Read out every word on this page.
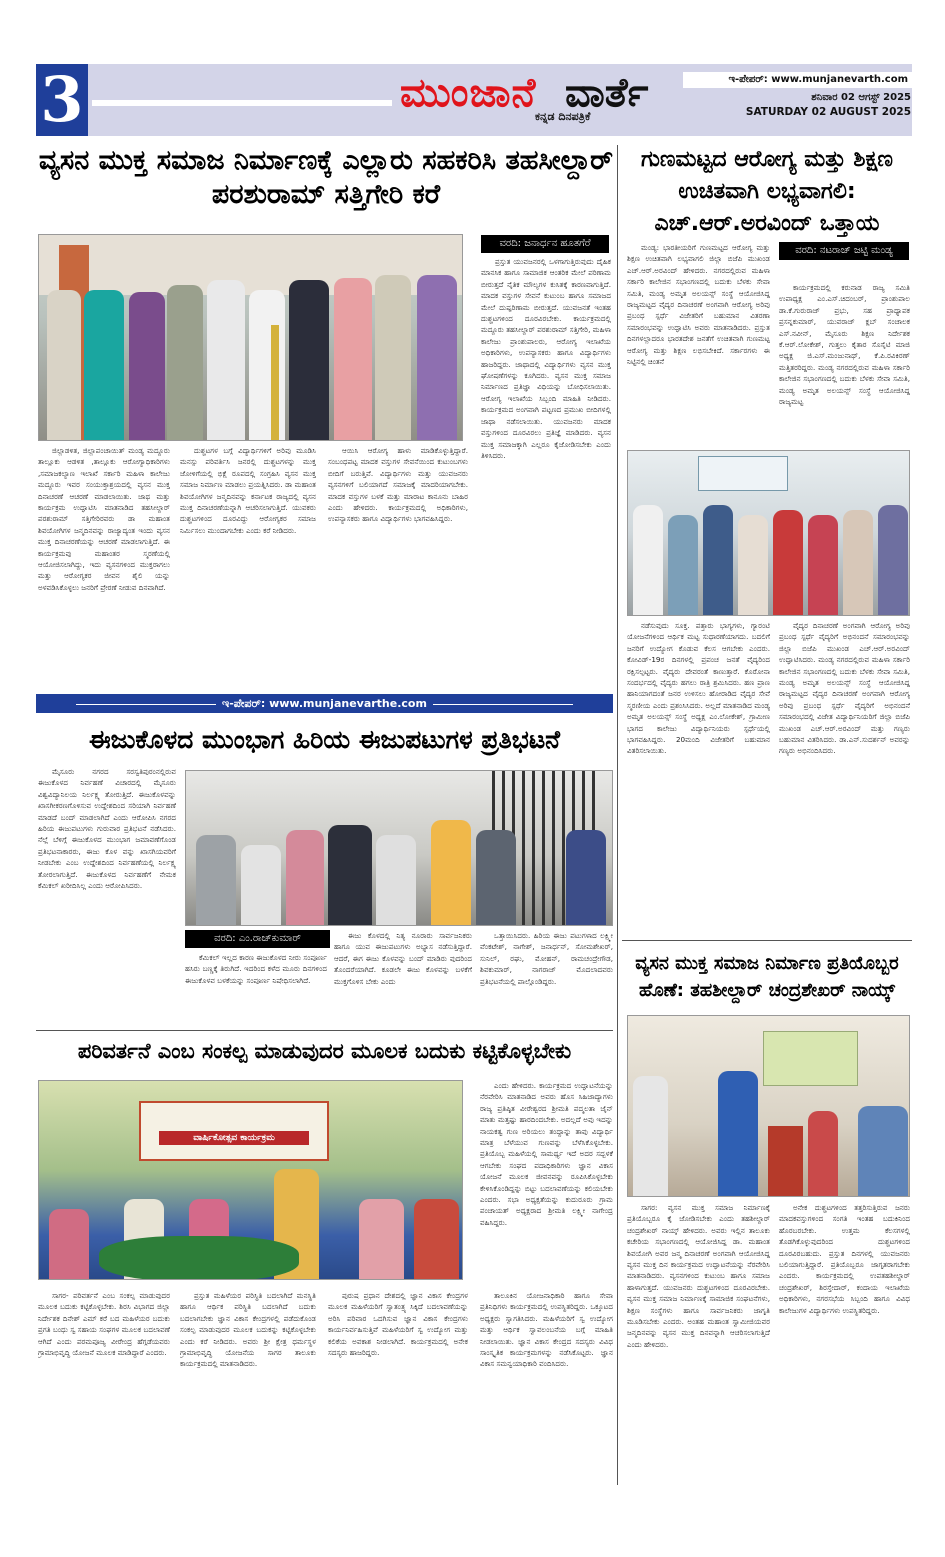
3	ಮುಂಜಾನೆ ವಾರ್ತೆ
ಕನ್ನಡ ದಿನಪತ್ರಿಕೆ
ಇ-ಪೇಪರ್: www.munjanevarth.com
ಶನಿವಾರ 02 ಆಗಸ್ಟ್ 2025
SATURDAY 02 AUGUST 2025
ವ್ಯಸನ ಮುಕ್ತ ಸಮಾಜ ನಿರ್ಮಾಣಕ್ಕೆ ಎಲ್ಲಾರು ಸಹಕರಿಸಿ ತಹಸೀಲ್ದಾರ್ ಪರಶುರಾಮ್ ಸತ್ತಿಗೇರಿ ಕರೆ
ವರದಿ: ಜನಾರ್ಧನ ಹೂತಗೆರೆ
ಪ್ರಸ್ತುತ ಯುವಜನರಲ್ಲಿ ಒಳಗಾಗುತ್ತಿರುವುದು ದೈಹಿಕ ಮಾನಸಿಕ ಹಾಗೂ ಸಾಮಾಜಿಕ ಆಂತರಿಕ ಮೇಲೆ ಪರಿಣಾಮ ಬೀರುತ್ತದೆ ನೈತಿಕ ಮೌಲ್ಯಗಳ ಕುಸಿತಕ್ಕೆ ಕಾರಣವಾಗುತ್ತಿದೆ. ಮಾದಕ ವಸ್ತುಗಳ ಸೇವನೆ ಕುಟುಂಬ ಹಾಗೂ ಸಮಾಜದ ಮೇಲೆ ದುಷ್ಪರಿಣಾಮ ಬೀರುತ್ತದೆ. ಯುವಜನತೆ ಇಂತಹ ದುಶ್ಚಟಗಳಿಂದ ದೂರವಿರಬೇಕು. ಕಾರ್ಯಕ್ರಮದಲ್ಲಿ ಮದ್ದೂರು ತಹಸೀಲ್ದಾರ್ ಪರಶುರಾಮ್ ಸತ್ತಿಗೇರಿ, ಮಹಿಳಾ ಕಾಲೇಜು ಪ್ರಾಂಶುಪಾಲರು, ಆರೋಗ್ಯ ಇಲಾಖೆಯ ಅಧಿಕಾರಿಗಳು, ಉಪನ್ಯಾಸಕರು ಹಾಗೂ ವಿದ್ಯಾರ್ಥಿಗಳು ಹಾಜರಿದ್ದರು. ಜಾಥಾದಲ್ಲಿ ವಿದ್ಯಾರ್ಥಿಗಳು ವ್ಯಸನ ಮುಕ್ತ ಘೋಷಣೆಗಳನ್ನು ಕೂಗಿದರು. ವ್ಯಸನ ಮುಕ್ತ ಸಮಾಜ ನಿರ್ಮಾಣದ ಪ್ರತಿಜ್ಞಾ ವಿಧಿಯನ್ನು ಬೋಧಿಸಲಾಯಿತು. ಆರೋಗ್ಯ ಇಲಾಖೆಯ ಸಿಬ್ಬಂದಿ ಮಾಹಿತಿ ನೀಡಿದರು. ಕಾರ್ಯಕ್ರಮದ ಅಂಗವಾಗಿ ಪಟ್ಟಣದ ಪ್ರಮುಖ ಬೀದಿಗಳಲ್ಲಿ ಜಾಥಾ ನಡೆಸಲಾಯಿತು. ಯುವಜನರು ಮಾದಕ ವಸ್ತುಗಳಿಂದ ದೂರವಿರಲು ಪ್ರತಿಜ್ಞೆ ಮಾಡಿದರು. ವ್ಯಸನ ಮುಕ್ತ ಸಮಾಜಕ್ಕಾಗಿ ಎಲ್ಲರೂ ಕೈಜೋಡಿಸಬೇಕು ಎಂದು ತಿಳಿಸಿದರು.
ಜಿಲ್ಲಾಡಳಿತ, ಜಿಲ್ಲಾಪಂಚಾಯಿತ್ ಮಂಡ್ಯ ಮದ್ದೂರು ತಾಲ್ಲೂಕು ಆಡಳಿತ ,ತಾಲ್ಲೂಕು ಆರೋಗ್ಯಾಧಿಕಾರಿಗಳು ,ಸಮಾಜಕಲ್ಯಾಣ ಇಲಾಖೆ ಸರ್ಕಾರಿ ಮಹಿಳಾ ಕಾಲೇಜು ಮದ್ದೂರು ಇವರ ಸಂಯುಕ್ತಾಶ್ರಯದಲ್ಲಿ ವ್ಯಸನ ಮುಕ್ತ ದಿನಾಚರಣೆ ಆಚರಣೆ ಮಾಡಲಾಯಿತು. ಜಾಥ ಮತ್ತು ಕಾರ್ಯಕ್ರಮ ಉದ್ಘಾಟಿಸಿ ಮಾತನಾಡಿದ ತಹಸೀಲ್ದಾರ್ ಪರಶುರಾಮ್ ಸತ್ತಿಗೇರಿರವರು ಡಾ ಮಹಾಂತ ಶಿವಯೋಗಿಗಳ ಜನ್ಮದಿನವನ್ನು ರಾಜ್ಯಾದ್ಯಂತ ಇಂದು ವ್ಯಸನ ಮುಕ್ತ ದಿನಾಚರಣೆಯನ್ನು ಆಚರಣೆ ಮಾಡಲಾಗುತ್ತಿದೆ. ಈ ಕಾರ್ಯಕ್ರಮವು ಮಹಾಂತರ ಸ್ಮರಣೆಯಲ್ಲಿ ಆಯೋಜಿಸಲಾಗಿದ್ದು, ಇದು ವ್ಯಸನಗಳಿಂದ ಮುಕ್ತರಾಗಲು ಮತ್ತು ಆರೋಗ್ಯಕರ ಜೀವನ ಶೈಲಿ ಯನ್ನು ಅಳವಡಿಸಿಕೊಳ್ಳಲು ಜನರಿಗೆ ಪ್ರೇರಣೆ ನೀಡುವ ದಿನವಾಗಿದೆ.
ದುಶ್ಚಟಗಳ ಬಗ್ಗೆ ವಿದ್ಯಾರ್ಥಿಗಳಿಗೆ ಅರಿವು ಮೂಡಿಸಿ ಮನಸ್ಸು ಪರಿವರ್ತಿಸಿ ಜನರಲ್ಲಿ ದುಶ್ಚಟಗಳನ್ನು ಮುಕ್ತ ಜೋಳಿಗೆಯಲ್ಲಿ ಭಿಕ್ಷೆ ರೂಪದಲ್ಲಿ ಸಂಗ್ರಹಿಸಿ ವ್ಯಸನ ಮುಕ್ತ ಸಮಾಜ ನಿರ್ಮಾಣ ಮಾಡಲು ಪ್ರಯತ್ನಿಸಿದರು. ಡಾ ಮಹಾಂತ ಶಿವಯೋಗಿಗಳ ಜನ್ಮದಿನವನ್ನು ಕರ್ನಾಟಕ ರಾಜ್ಯದಲ್ಲಿ ವ್ಯಸನ ಮುಕ್ತ ದಿನಾಚರಣೆಯನ್ನಾಗಿ ಆಚರಿಸಲಾಗುತ್ತಿದೆ. ಯುವಕರು ದುಶ್ಚಟಗಳಿಂದ ದೂರವಿದ್ದು ಆರೋಗ್ಯಕರ ಸಮಾಜ ನಿರ್ಮಿಸಲು ಮುಂದಾಗಬೇಕು ಎಂದು ಕರೆ ನೀಡಿದರು.
ಆಯಿಸಿ ಆರೋಗ್ಯ ಹಾಳು ಮಾಡಿಕೊಳ್ಳುತ್ತಿದ್ದಾರೆ. ಸಂಬಂಧಪಟ್ಟ ಮಾದಕ ವಸ್ತುಗಳ ಸೇವನೆಯಿಂದ ಕುಟುಂಬಗಳು ಬೀದಿಗೆ ಬರುತ್ತಿವೆ. ವಿದ್ಯಾರ್ಥಿಗಳು ಮತ್ತು ಯುವಜನರು ವ್ಯಸನಗಳಿಗೆ ಬಲಿಯಾಗದೆ ಸಮಾಜಕ್ಕೆ ಮಾದರಿಯಾಗಬೇಕು. ಮಾದಕ ವಸ್ತುಗಳ ಬಳಕೆ ಮತ್ತು ಮಾರಾಟ ಕಾನೂನು ಬಾಹಿರ ಎಂದು ಹೇಳಿದರು. ಕಾರ್ಯಕ್ರಮದಲ್ಲಿ ಅಧಿಕಾರಿಗಳು, ಉಪನ್ಯಾಸಕರು ಹಾಗೂ ವಿದ್ಯಾರ್ಥಿಗಳು ಭಾಗವಹಿಸಿದ್ದರು.
ಇ-ಪೇಪರ್: www.munjanevarthe.com
ಈಜುಕೊಳದ ಮುಂಭಾಗ ಹಿರಿಯ ಈಜುಪಟುಗಳ ಪ್ರತಿಭಟನೆ
ಮೈಸೂರು ನಗರದ ಸರಸ್ವತಿಪುರಂನಲ್ಲಿರುವ ಈಜುಕೊಳದ ನಿರ್ವಹಣೆ ವಿಚಾರದಲ್ಲಿ ಮೈಸೂರು ವಿಶ್ವವಿದ್ಯಾನಿಲಯ ನಿರ್ಲಕ್ಷ್ಯ ತೋರುತ್ತಿದೆ. ಈಜುಕೊಳವನ್ನು ಖಾಸಗೀಕರಣಗೊಳಿಸುವ ಉದ್ದೇಶದಿಂದ ಸರಿಯಾಗಿ ನಿರ್ವಹಣೆ ಮಾಡದೆ ಬಂದ್ ಮಾಡಲಾಗಿದೆ ಎಂದು ಆರೋಪಿಸಿ ನಗರದ ಹಿರಿಯ ಈಜುಪಟುಗಳು ಗುರುವಾರ ಪ್ರತಿಭಟನೆ ನಡೆಸಿದರು. ನೆಲ್ಲೆ ಬೆಳಿಗ್ಗೆ ಈಜುಕೊಳದ ಮುಂಭಾಗ ಜಮಾವಣೆಗೊಂಡ ಪ್ರತಿಭಟನಾಕಾರರು, ಈಜು ಕೊಳ ವನ್ನು ಖಾಸಗಿಯವರಿಗೆ ನೀಡಬೇಕು ಎಂಬ ಉದ್ದೇಶದಿಂದ ನಿರ್ವಹಣೆಯಲ್ಲಿ ನಿರ್ಲಕ್ಷ್ಯ ತೋರಲಾಗುತ್ತಿದೆ. ಈಜುಕೊಳದ ನಿರ್ವಹಣೆಗೆ ನೇಮಕ ಕೆಮಿಕಲ್ ಖರೀದಿಸಿಲ್ಲ ಎಂದು ಆರೋಪಿಸಿದರು.
ವರದಿ: ಎಂ.ರಾಜ್‌ಕುಮಾರ್
ಕೆಮಿಕಲ್ ಇಲ್ಲದ ಕಾರಣ ಈಜುಕೊಳದ ನೀರು ಸಂಪೂರ್ಣ ಹಸಿರು ಬಣ್ಣಕ್ಕೆ ತಿರುಗಿದೆ. ಇದರಿಂದ ಕಳೆದ ಮೂರು ದಿನಗಳಿಂದ ಈಜುಕೊಳವ ಬಳಕೆಯನ್ನು ಸಂಪೂರ್ಣ ನಿಷೇಧಿಸಲಾಗಿದೆ.
ಈಜು ಕೊಳದಲ್ಲಿ ನಿತ್ಯ ನೂರಾರು ಸಾರ್ವಜನಿಕರು ಹಾಗೂ ಯುವ ಈಜುಪಟುಗಳು ಅಭ್ಯಾಸ ನಡೆಸುತ್ತಿದ್ದಾರೆ. ಆದರೆ, ಈಗ ಈಜು ಕೊಳವನ್ನು ಬಂದ್ ಮಾಡಿರು ವುದರಿಂದ ತೊಂದರೆಯಾಗಿದೆ. ಕೂಡಲೇ ಈಜು ಕೊಳವನ್ನು ಬಳಕೆಗೆ ಮುಕ್ತಗೊಳಿಸ ಬೇಕು ಎಂದು
ಒತ್ತಾಯಿಸಿದರು. ಹಿರಿಯ ಈಜು ಪಟುಗಳಾದ ಲಕ್ಷ್ಮೀ ವೆಂಕಟೇಶ್, ನಾಗೇಶ್, ಜನಾರ್ಧನ್, ಸೋಮಶೇಖರ್, ಸುನಿಲ್, ರಘು, ಮೋಹನ್, ರಾಮಚಂದ್ರೇಗೌಡ, ಶಿವಕುಮಾರ್, ನಾಗರಾಜ್ ಮೊದಲಾದವರು ಪ್ರತಿಭಟನೆಯಲ್ಲಿ ಪಾಲ್ಗೊಂಡಿದ್ದರು.
ಪರಿವರ್ತನೆ ಎಂಬ ಸಂಕಲ್ಪ ಮಾಡುವುದರ ಮೂಲಕ ಬದುಕು ಕಟ್ಟಿಕೊಳ್ಳಬೇಕು
ವಾರ್ಷಿಕೋತ್ಸವ ಕಾರ್ಯಕ್ರಮ
ಎಂದು ಹೇಳಿದರು. ಕಾರ್ಯಕ್ರಮದ ಉದ್ಘಾಟನೆಯನ್ನು ನೆರವೇರಿಸಿ ಮಾತನಾಡಿದ ಅವರು ಹೊಸ ಸಿಹಿಜಾದ್ಯಾಗಳು ರಾಜ್ಯ ಪ್ರತಿಷ್ಠಿತ ವೀರೇಶ್ವರದ ಶ್ರೀಮತಿ ಪದ್ಮಲತಾ ಜೈನ್ ಮಾತು ಮತ್ತಷ್ಟು ಹಾರದಿಂದಬೇಕು. ಅದಲ್ಲದೆ ಅವು ಇದನ್ನು ನಾಯಕತ್ವ ಗುಣ ಅರಿಯಲು ತಂದ್ದಾನ್ನು ತಾವು ವಿದ್ಯಾರ್ಥಿ ಮಾತ್ರ ಬೆಳೆಯುವ ಗುಣವನ್ನು ಬೆಳೆಸಿಕೊಳ್ಳಬೇಕು. ಪ್ರತಿಯೊಬ್ಬ ಮಹಿಳೆಯಲ್ಲಿ ಸಾಮರ್ಥ್ಯ ಇದೆ ಅದರ ಸದ್ಬಳಕೆ ಆಗಬೇಕು ಸಂಘದ ಪದಾಧಿಕಾರಿಗಳು ಜ್ಞಾನ ವಿಕಾಸ ಯೋಜನೆ ಮೂಲಕ ಜೀವನವನ್ನು ರೂಪಿಸಿಕೊಳ್ಳಬೇಕು ಕೇಳಿಸಿಕೊಂಡಿದ್ದನ್ನು ಬಿಟ್ಟು ಬದಲಾವಣೆಯನ್ನು ಕಲಿಯಬೇಕು ಎಂದರು. ಸಭಾ ಅಧ್ಯಕ್ಷತೆಯನ್ನು ಕುದುರೂರು ಗ್ರಾಮ ಪಂಚಾಯತ್ ಅಧ್ಯಕ್ಷರಾದ ಶ್ರೀಮತಿ ಲಕ್ಷ್ಮೀ ನಾಗೇಂದ್ರ ವಹಿಸಿದ್ದರು.
ಸಾಗರ- ಪರಿವರ್ತನೆ ಎಂಬ ಸಂಕಲ್ಪ ಮಾಡುವುದರ ಮೂಲಕ ಬದುಕು ಕಟ್ಟಿಕೊಳ್ಳಬೇಕು. ಶಿರಸಿ ವಿಭಾಗದ ಜಿಲ್ಲಾ ನಿರ್ದೇಶಕ ದಿನೇಶ್ ಎಮ್ ಕರೆ ಬದ ಮಹಿಳೆಯರ ಬದುಕು ಪ್ರಗತಿ ಬಂಧು ಸ್ವ ಸಹಾಯ ಸಂಘಗಳ ಮೂಲಕ ಬದಲಾವಣೆ ಆಗಿದೆ ಎಂದು ಪರಮಪೂಜ್ಯ ವೀರೇಂದ್ರ ಹೆಗ್ಗಡೆಯವರು ಗ್ರಾಮಾಭಿವೃದ್ಧಿ ಯೋಜನೆ ಮೂಲಕ ಮಾಡಿದ್ದಾರೆ ಎಂದರು.
ಪ್ರಸ್ತುತ ಮಹಿಳೆಯರ ಪರಿಸ್ಥಿತಿ ಬದಲಾಗಿದೆ ಮನಸ್ಥಿತಿ ಹಾಗೂ ಆರ್ಥಿಕ ಪರಿಸ್ಥಿತಿ ಬದಲಾಗಿದೆ ಬದುಕು ಬದಲಾಗಬೇಕು ಜ್ಞಾನ ವಿಕಾಸ ಕೇಂದ್ರಗಳಲ್ಲಿ ಪಡೆದುಕೊಂಡ ಸಂಕಲ್ಪ ಮಾಡುವುದರ ಮೂಲಕ ಬದುಕನ್ನು ಕಟ್ಟಿಕೊಳ್ಳಬೇಕು ಎಂದು ಕರೆ ನೀಡಿದರು. ಅವರು ಶ್ರೀ ಕ್ಷೇತ್ರ ಧರ್ಮಸ್ಥಳ ಗ್ರಾಮಾಭಿವೃದ್ಧಿ ಯೋಜನೆಯ ಸಾಗರ ತಾಲೂಕು ಕಾರ್ಯಕ್ರಮದಲ್ಲಿ ಮಾತನಾಡಿದರು.
ಪುರುಷ ಪ್ರಧಾನ ದೇಶದಲ್ಲಿ ಜ್ಞಾನ ವಿಕಾಸ ಕೇಂದ್ರಗಳ ಮೂಲಕ ಮಹಿಳೆಯರಿಗೆ ಸ್ವಾತಂತ್ರ್ಯ ಸಿಕ್ಕಿದೆ ಬದಲಾವಣೆಯನ್ನು ಅರಿಸಿ ಪರಿವಾರ ಒದಗಿಸುವ ಜ್ಞಾನ ವಿಕಾಸ ಕೇಂದ್ರಗಳು ಕಾರ್ಯನಿರ್ವಹಿಸುತ್ತಿವೆ ಮಹಿಳೆಯರಿಗೆ ಸ್ವ ಉದ್ಯೋಗ ಮತ್ತು ಕಲಿಕೆಯ ಅವಕಾಶ ನೀಡಲಾಗಿದೆ. ಕಾರ್ಯಕ್ರಮದಲ್ಲಿ ಅನೇಕ ಸದಸ್ಯರು ಹಾಜರಿದ್ದರು.
ತಾಲೂಕಿನ ಯೋಜನಾಧಿಕಾರಿ ಹಾಗೂ ಸೇವಾ ಪ್ರತಿನಿಧಿಗಳು ಕಾರ್ಯಕ್ರಮದಲ್ಲಿ ಉಪಸ್ಥಿತರಿದ್ದರು. ಒಕ್ಕೂಟದ ಅಧ್ಯಕ್ಷರು ಸ್ವಾಗತಿಸಿದರು. ಮಹಿಳೆಯರಿಗೆ ಸ್ವ ಉದ್ಯೋಗ ಮತ್ತು ಆರ್ಥಿಕ ಸ್ವಾವಲಂಬನೆಯ ಬಗ್ಗೆ ಮಾಹಿತಿ ನೀಡಲಾಯಿತು. ಜ್ಞಾನ ವಿಕಾಸ ಕೇಂದ್ರದ ಸದಸ್ಯರು ವಿವಿಧ ಸಾಂಸ್ಕೃತಿಕ ಕಾರ್ಯಕ್ರಮಗಳನ್ನು ನಡೆಸಿಕೊಟ್ಟರು. ಜ್ಞಾನ ವಿಕಾಸ ಸಮನ್ವಯಾಧಿಕಾರಿ ವಂದಿಸಿದರು.
ಗುಣಮಟ್ಟದ ಆರೋಗ್ಯ ಮತ್ತು ಶಿಕ್ಷಣ ಉಚಿತವಾಗಿ ಲಭ್ಯವಾಗಲಿ: ಎಚ್.ಆರ್.ಅರವಿಂದ್ ಒತ್ತಾಯ
ಮಂಡ್ಯ: ಭಾರತೀಯರಿಗೆ ಗುಣಮಟ್ಟದ ಆರೋಗ್ಯ ಮತ್ತು ಶಿಕ್ಷಣ ಉಚಿತವಾಗಿ ಲಭ್ಯವಾಗಲಿ ಜಿಲ್ಲಾ ಬಿಜೆಪಿ ಮುಖಂಡ ಎಚ್.ಆರ್.ಅರವಿಂದ್ ಹೇಳಿದರು. ನಗರದಲ್ಲಿರುವ ಮಹಿಳಾ ಸರ್ಕಾರಿ ಕಾಲೇಜಿನ ಸಭಾಂಗಣದಲ್ಲಿ ಬದುಕು ಬೆಳಕು ಸೇವಾ ಸಮಿತಿ, ಮಂಡ್ಯ ಅಮೃತ ಅಲಯನ್ಸ್ ಸಂಸ್ಥೆ ಆಯೋಜಿಸಿದ್ದ ರಾಜ್ಯಮಟ್ಟದ ವೈದ್ಯರ ದಿನಾಚರಣೆ ಅಂಗವಾಗಿ ಆರೋಗ್ಯ ಅರಿವು ಪ್ರಬಂಧ ಸ್ಪರ್ಧೆ ವಿಜೇತರಿಗೆ ಬಹುಮಾನ ವಿತರಣಾ ಸಮಾರಂಭವನ್ನು ಉದ್ಘಾಟಿಸಿ ಅವರು ಮಾತನಾಡಿದರು. ಪ್ರಸ್ತುತ ದಿನಗಳಲ್ಲಾದರೂ ಭಾರತದೇಶ ಜನತೆಗೆ ಉಚಿತವಾಗಿ ಗುಣಮಟ್ಟ ಆರೋಗ್ಯ ಮತ್ತು ಶಿಕ್ಷಣ ಲಭಿಸಬೇಕಿದೆ. ಸರ್ಕಾರಗಳು ಈ ನಿಟ್ಟಿನಲ್ಲಿ ಚಿಂತನೆ
ವರದಿ: ನಟರಾಜ್ ಜಟ್ಟಿ ಮಂಡ್ಯ
ಕಾರ್ಯಕ್ರಮದಲ್ಲಿ ಕರುನಾಡ ರಾಜ್ಯ ಸಮಿತಿ ಉಪಾಧ್ಯಕ್ಷ ಎಂ.ಎಸ್.ಚಿದಂಬರ್, ಪ್ರಾಂಶುಪಾಲ ಡಾ.ಕೆ.ಗುರುರಾಜ್ ಪ್ರಭು, ಸಹ ಪ್ರಾಧ್ಯಾಪಕ ಪ್ರಸನ್ನಕುಮಾರ್, ಯುವರಾಜ್ ಕ್ಲಬ್ ಸಂಚಾಲಕ ಎಸ್.ನವೀನ್, ಮೈಸೂರು ಶಿಕ್ಷಣ ನಿರ್ದೇಶಕ ಕೆ.ಆರ್.ಲೋಕೇಶ್, ಗುತ್ತಲು ಕೈತಾರ ಸೊಸೈಟಿ ಮಾಜಿ ಅಧ್ಯಕ್ಷ ಜಿ.ಎಸ್.ಮಂಜುನಾಥ್, ಕೆ.ಪಿ.ರವಿಕಿರಣ್ ಮತ್ತಿತರರಿದ್ದರು. ಮಂಡ್ಯ ನಗರದಲ್ಲಿರುವ ಮಹಿಳಾ ಸರ್ಕಾರಿ ಕಾಲೇಜಿನ ಸಭಾಂಗಣದಲ್ಲಿ ಬದುಕು ಬೆಳಕು ಸೇವಾ ಸಮಿತಿ, ಮಂಡ್ಯ ಅಮೃತ ಅಲಯನ್ಸ್ ಸಂಸ್ಥೆ ಆಯೋಜಿಸಿದ್ದ ರಾಜ್ಯಮಟ್ಟ
ನಡೆಸುವುದು ಸೂಕ್ತ. ಪತ್ತಾರು ಭಾಗ್ಯಗಳು, ಗ್ಯಾರಂಟಿ ಯೋಜನೆಗಳಿಂದ ಆರ್ಥಿಕ ಮಟ್ಟ ಸುಧಾರಣೆಯಾಗದು. ಬದಲಿಗೆ ಜನರಿಗೆ ಉದ್ಯೋಗ ಕೊಡುವ ಕೆಲಸ ಆಗಬೇಕು ಎಂದರು. ಕೋವಿಡ್-19ರ ದಿನಗಳಲ್ಲಿ ಪ್ರಪಂಚ ಜನತೆ ವೈದ್ಯರಿಂದ ರಕ್ಷಿಸಲ್ಪಟ್ಟರು. ವೈದ್ಯರು ದೇವರಂತೆ ಕಾಣುತ್ತಾರೆ. ಕೊರೋನಾ ಸಂದರ್ಭದಲ್ಲಿ ವೈದ್ಯರು ಹಗಲು ರಾತ್ರಿ ಶ್ರಮಿಸಿದರು. ಹಣ ಪ್ರಾಣ ಹಾನಿಯಾಗದಂತೆ ಜನರ ಉಳಿಸಲು ಹೋರಾಡಿದ ವೈದ್ಯರ ಸೇವೆ ಸ್ಮರಣೀಯ ಎಂದು ಪ್ರಶಂಸಿಸಿದರು. ಅಲ್ಲದೆ ಮಾತನಾಡಿದ ಮಂಡ್ಯ ಅಮೃತ ಅಲಯನ್ಸ್ ಸಂಸ್ಥೆ ಅಧ್ಯಕ್ಷ ಎಂ.ಲೋಕೇಶ್, ಗ್ರಾಮೀಣ ಭಾಗದ ಕಾಲೇಜು ವಿದ್ಯಾರ್ಥಿನಿಯರು ಸ್ಪರ್ಧೆಯಲ್ಲಿ ಭಾಗವಹಿಸಿದ್ದರು. 20ಮಂದಿ ವಿಜೇತರಿಗೆ ಬಹುಮಾನ ವಿತರಿಸಲಾಯಿತು.
ವೈದ್ಯರ ದಿನಾಚರಣೆ ಅಂಗವಾಗಿ ಆರೋಗ್ಯ ಅರಿವು ಪ್ರಬಂಧ ಸ್ಪರ್ಧೆ ವೈದ್ಯರಿಗೆ ಅಭಿನಂದನೆ ಸಮಾರಂಭವನ್ನು ಜಿಲ್ಲಾ ಬಿಜೆಪಿ ಮುಖಂಡ ಎಚ್.ಆರ್.ಅರವಿಂದ್ ಉದ್ಘಾಟಿಸಿದರು. ಮಂಡ್ಯ ನಗರದಲ್ಲಿರುವ ಮಹಿಳಾ ಸರ್ಕಾರಿ ಕಾಲೇಜಿನ ಸಭಾಂಗಣದಲ್ಲಿ ಬದುಕು ಬೆಳಕು ಸೇವಾ ಸಮಿತಿ, ಮಂಡ್ಯ ಅಮೃತ ಅಲಯನ್ಸ್ ಸಂಸ್ಥೆ ಆಯೋಜಿಸಿದ್ದ ರಾಜ್ಯಮಟ್ಟದ ವೈದ್ಯರ ದಿನಾಚರಣೆ ಅಂಗವಾಗಿ ಆರೋಗ್ಯ ಅರಿವು ಪ್ರಬಂಧ ಸ್ಪರ್ಧೆ ವೈದ್ಯರಿಗೆ ಅಭಿನಂದನೆ ಸಮಾರಂಭದಲ್ಲಿ ವಿಜೇತ ವಿದ್ಯಾರ್ಥಿನಿಯರಿಗೆ ಜಿಲ್ಲಾ ಬಿಜೆಪಿ ಮುಖಂಡ ಎಚ್.ಆರ್.ಅರವಿಂದ್ ಮತ್ತು ಗಣ್ಯರು ಬಹುಮಾನ ವಿತರಿಸಿದರು. ಡಾ.ಎನ್.ಸುದರ್ಶನ್ ಅವರನ್ನು ಗಣ್ಯರು ಅಭಿನಂದಿಸಿದರು.
ವ್ಯಸನ ಮುಕ್ತ ಸಮಾಜ ನಿರ್ಮಾಣ ಪ್ರತಿಯೊಬ್ಬರ ಹೊಣೆ: ತಹಶೀಲ್ದಾರ್ ಚಂದ್ರಶೇಖರ್ ನಾಯ್ಕ್
ಸಾಗರ: ವ್ಯಸನ ಮುಕ್ತ ಸಮಾಜ ನಿರ್ಮಾಣಕ್ಕೆ ಪ್ರತಿಯೊಬ್ಬರೂ ಕೈ ಜೋಡಿಸಬೇಕು ಎಂದು ತಹಶೀಲ್ದಾರ್ ಚಂದ್ರಶೇಖರ್ ನಾಯ್ಕ್ ಹೇಳಿದರು. ಅವರು ಇಲ್ಲಿನ ತಾಲೂಕು ಕಚೇರಿಯ ಸಭಾಂಗಣದಲ್ಲಿ ಆಯೋಜಿಸಿದ್ದ ಡಾ. ಮಹಾಂತ ಶಿವಯೋಗಿ ಅವರ ಜನ್ಮ ದಿನಾಚರಣೆ ಅಂಗವಾಗಿ ಆಯೋಜಿಸಿದ್ದ ವ್ಯಸನ ಮುಕ್ತ ದಿನ ಕಾರ್ಯಕ್ರಮದ ಉದ್ಘಾಟನೆಯನ್ನು ನೆರವೇರಿಸಿ ಮಾತನಾಡಿದರು. ವ್ಯಸನಗಳಿಂದ ಕುಟುಂಬ ಹಾಗೂ ಸಮಾಜ ಹಾಳಾಗುತ್ತದೆ. ಯುವಜನರು ದುಶ್ಚಟಗಳಿಂದ ದೂರವಿರಬೇಕು. ವ್ಯಸನ ಮುಕ್ತ ಸಮಾಜ ನಿರ್ಮಾಣಕ್ಕೆ ಸಾಮಾಜಿಕ ಸಂಘಟನೆಗಳು, ಶಿಕ್ಷಣ ಸಂಸ್ಥೆಗಳು ಹಾಗೂ ಸಾರ್ವಜನಿಕರು ಜಾಗೃತಿ ಮೂಡಿಸಬೇಕು ಎಂದರು. ಅಂತಹ ಮಹಾಂತ ಸ್ವಾಮೀಜಿಯವರ ಜನ್ಮದಿನವನ್ನು ವ್ಯಸನ ಮುಕ್ತ ದಿನವನ್ನಾಗಿ ಆಚರಿಸಲಾಗುತ್ತಿದೆ ಎಂದು ಹೇಳಿದರು.
ಅನೇಕ ದುಶ್ಚಟಗಳಿಂದ ತತ್ತರಿಸುತ್ತಿರುವ ಜನರು ಮಾದಕವಸ್ತುಗಳಿಂದ ಸಂಗತಿ ಇಂತಹ ಬದುಕಿನಿಂದ ಹೊರಬರಬೇಕು. ಉತ್ತಮ ಕೆಲಸಗಳಲ್ಲಿ ತೊಡಗಿಕೊಳ್ಳುವುದರಿಂದ ದುಶ್ಚಟಗಳಿಂದ ದೂರವಿರಬಹುದು. ಪ್ರಸ್ತುತ ದಿನಗಳಲ್ಲಿ ಯುವಜನರು ಬಲಿಯಾಗುತ್ತಿದ್ದಾರೆ. ಪ್ರತಿಯೊಬ್ಬರೂ ಜಾಗೃತರಾಗಬೇಕು ಎಂದರು. ಕಾರ್ಯಕ್ರಮದಲ್ಲಿ ಉಪತಹಶೀಲ್ದಾರ್ ಚಂದ್ರಶೇಖರ್, ಶಿರಸ್ತೇದಾರ್, ಕಂದಾಯ ಇಲಾಖೆಯ ಅಧಿಕಾರಿಗಳು, ನಗರಸಭೆಯ ಸಿಬ್ಬಂದಿ ಹಾಗೂ ವಿವಿಧ ಕಾಲೇಜುಗಳ ವಿದ್ಯಾರ್ಥಿಗಳು ಉಪಸ್ಥಿತರಿದ್ದರು.
